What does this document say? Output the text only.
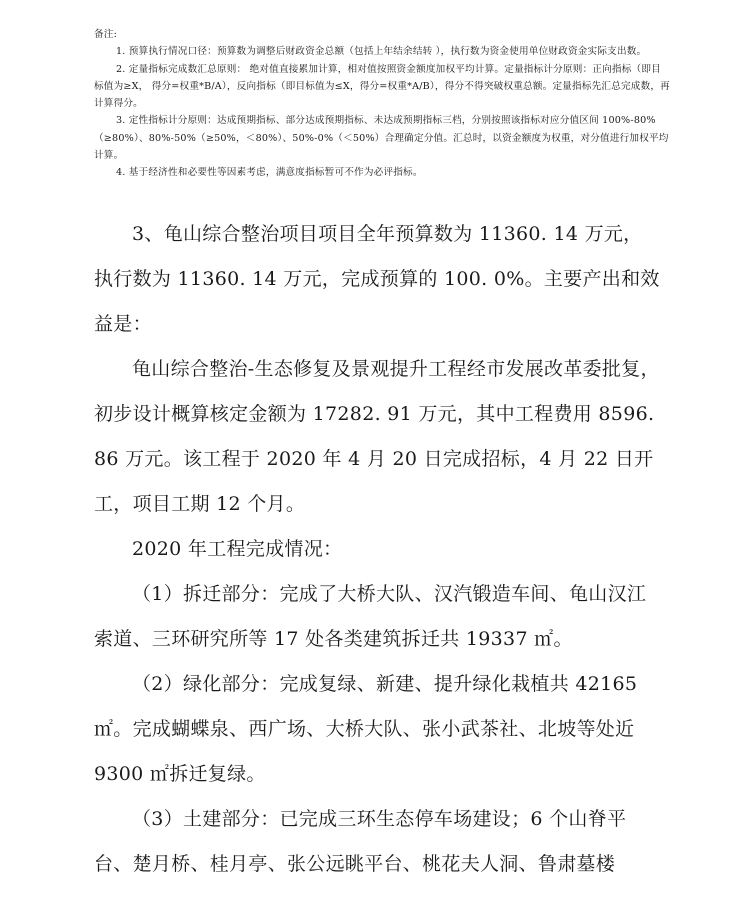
备注:

1. 预算执行情况口径：预算数为调整后财政资金总额（包括上年结余结转 ），执行数为资金使用单位财政资金实际支出数。

2. 定量指标完成数汇总原则： 绝对值直接累加计算，相对值按照资金额度加权平均计算。定量指标计分原则：正向指标（即目标值为≥X， 得分=权重*B/A），反向指标（即目标值为≤X，得分=权重*A/B），得分不得突破权重总额。定量指标先汇总完成数，再计算得分。

3. 定性指标计分原则：达成预期指标、部分达成预期指标、未达成预期指标三档，分别按照该指标对应分值区间 100%-80%（≥80%）、80%-50%（≥50%，＜80%）、50%-0%（＜50%）合理确定分值。汇总时，以资金额度为权重，对分值进行加权平均计算。

4. 基于经济性和必要性等因素考虑，满意度指标暂可不作为必评指标。

3、龟山综合整治项目项目全年预算数为 11360. 14 万元，执行数为 11360. 14 万元，完成预算的 100. 0%。主要产出和效益是：

龟山综合整治-生态修复及景观提升工程经市发展改革委批复，初步设计概算核定金额为 17282. 91 万元，其中工程费用 8596. 86 万元。该工程于 2020 年 4 月 20 日完成招标，4 月 22 日开工，项目工期 12 个月。

2020 年工程完成情况：

（1）拆迁部分：完成了大桥大队、汉汽锻造车间、龟山汉江索道、三环研究所等 17 处各类建筑拆迁共 19337 ㎡。

（2）绿化部分：完成复绿、新建、提升绿化栽植共 42165 ㎡。完成蝴蝶泉、西广场、大桥大队、张小武茶社、北坡等处近 9300 ㎡拆迁复绿。

（3）土建部分：已完成三环生态停车场建设；6 个山脊平台、楚月桥、桂月亭、张公远眺平台、桃花夫人洞、鲁肃墓楼
